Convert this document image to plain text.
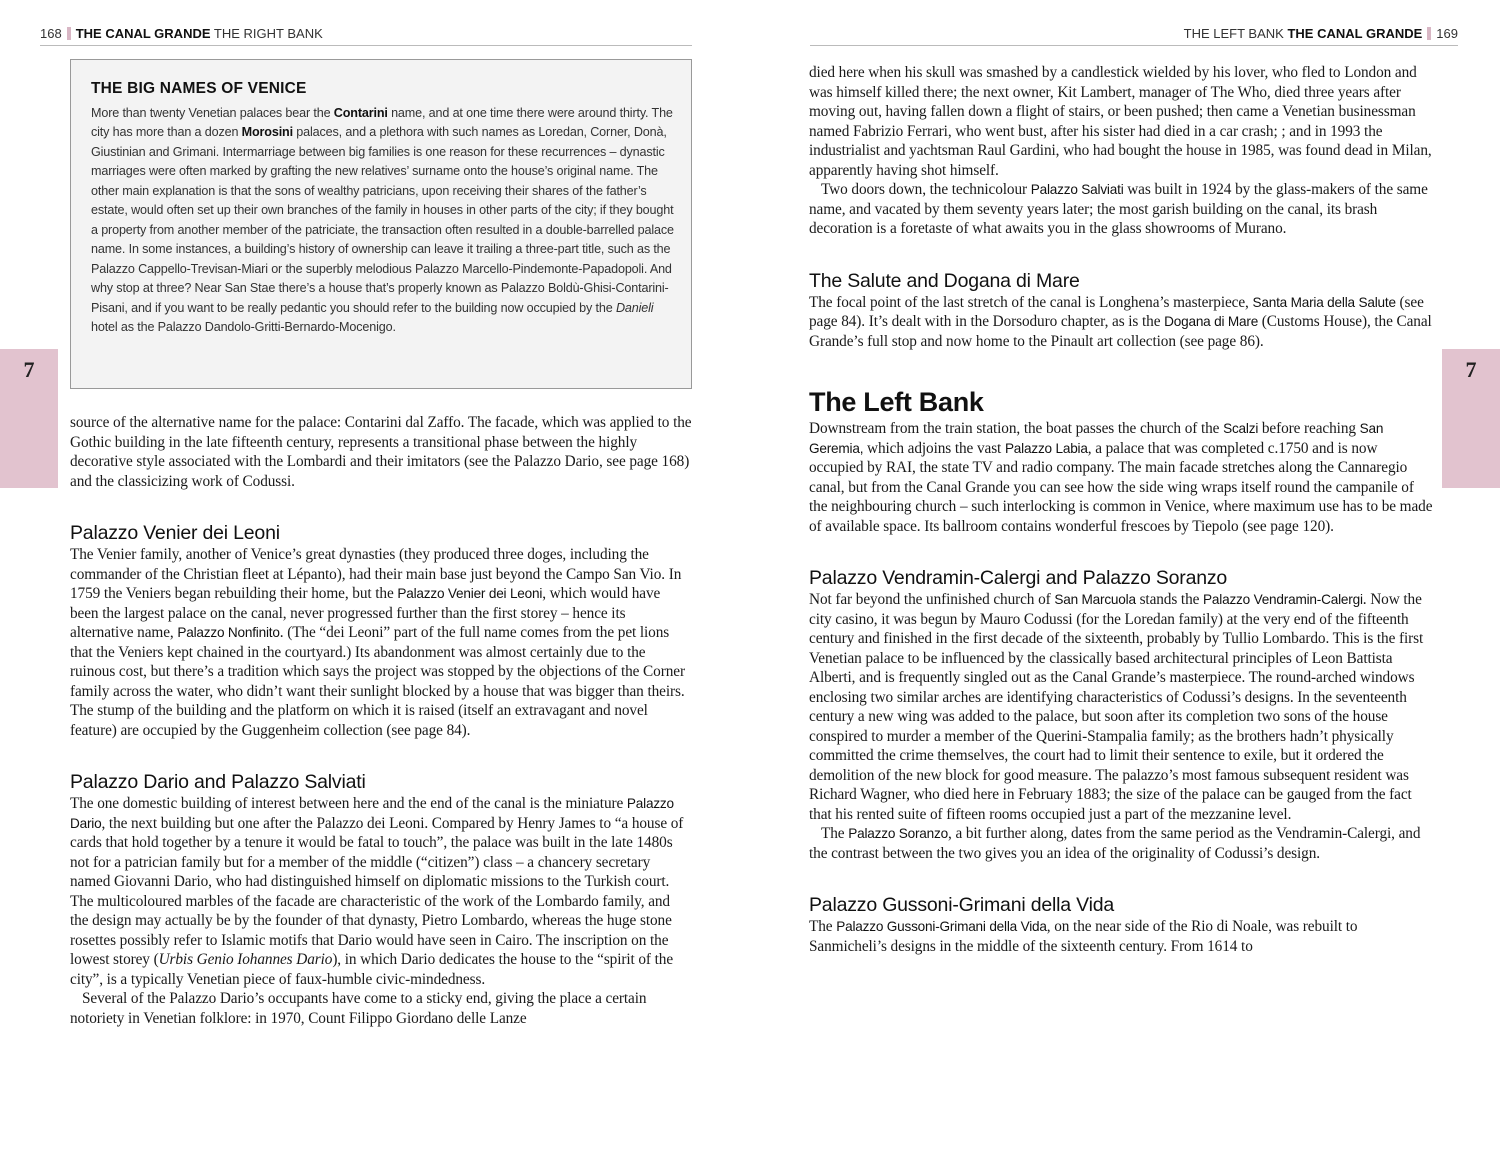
168 THE CANAL GRANDE THE RIGHT BANK	THE LEFT BANK THE CANAL GRANDE 169
7	7
THE BIG NAMES OF VENICE

More than twenty Venetian palaces bear the Contarini name, and at one time there were around thirty. The city has more than a dozen Morosini palaces, and a plethora with such names as Loredan, Corner, Donà, Giustinian and Grimani. Intermarriage between big families is one reason for these recurrences – dynastic marriages were often marked by grafting the new relatives’ surname onto the house’s original name. The other main explanation is that the sons of wealthy patricians, upon receiving their shares of the father’s estate, would often set up their own branches of the family in houses in other parts of the city; if they bought a property from another member of the patriciate, the transaction often resulted in a double-barrelled palace name. In some instances, a building’s history of ownership can leave it trailing a three-part title, such as the Palazzo Cappello-Trevisan-Miari or the superbly melodious Palazzo Marcello-Pindemonte-Papadopoli. And why stop at three? Near San Stae there’s a house that’s properly known as Palazzo Boldù-Ghisi-Contarini-Pisani, and if you want to be really pedantic you should refer to the building now occupied by the Danieli hotel as the Palazzo Dandolo-Gritti-Bernardo-Mocenigo.

source of the alternative name for the palace: Contarini dal Zaffo. The facade, which was applied to the Gothic building in the late fifteenth century, represents a transitional phase between the highly decorative style associated with the Lombardi and their imitators (see the Palazzo Dario, see page 168) and the classicizing work of Codussi.

Palazzo Venier dei Leoni

The Venier family, another of Venice’s great dynasties (they produced three doges, including the commander of the Christian fleet at Lépanto), had their main base just beyond the Campo San Vio. In 1759 the Veniers began rebuilding their home, but the Palazzo Venier dei Leoni, which would have been the largest palace on the canal, never progressed further than the first storey – hence its alternative name, Palazzo Nonfinito. (The “dei Leoni” part of the full name comes from the pet lions that the Veniers kept chained in the courtyard.) Its abandonment was almost certainly due to the ruinous cost, but there’s a tradition which says the project was stopped by the objections of the Corner family across the water, who didn’t want their sunlight blocked by a house that was bigger than theirs. The stump of the building and the platform on which it is raised (itself an extravagant and novel feature) are occupied by the Guggenheim collection (see page 84).

Palazzo Dario and Palazzo Salviati

The one domestic building of interest between here and the end of the canal is the miniature Palazzo Dario, the next building but one after the Palazzo dei Leoni. Compared by Henry James to “a house of cards that hold together by a tenure it would be fatal to touch”, the palace was built in the late 1480s not for a patrician family but for a member of the middle (“citizen”) class – a chancery secretary named Giovanni Dario, who had distinguished himself on diplomatic missions to the Turkish court. The multicoloured marbles of the facade are characteristic of the work of the Lombardo family, and the design may actually be by the founder of that dynasty, Pietro Lombardo, whereas the huge stone rosettes possibly refer to Islamic motifs that Dario would have seen in Cairo. The inscription on the lowest storey (Urbis Genio Iohannes Dario), in which Dario dedicates the house to the “spirit of the city”, is a typically Venetian piece of faux-humble civic-mindedness.

Several of the Palazzo Dario’s occupants have come to a sticky end, giving the place a certain notoriety in Venetian folklore: in 1970, Count Filippo Giordano delle Lanze

died here when his skull was smashed by a candlestick wielded by his lover, who fled to London and was himself killed there; the next owner, Kit Lambert, manager of The Who, died three years after moving out, having fallen down a flight of stairs, or been pushed; then came a Venetian businessman named Fabrizio Ferrari, who went bust, after his sister had died in a car crash; ; and in 1993 the industrialist and yachtsman Raul Gardini, who had bought the house in 1985, was found dead in Milan, apparently having shot himself.

Two doors down, the technicolour Palazzo Salviati was built in 1924 by the glass-makers of the same name, and vacated by them seventy years later; the most garish building on the canal, its brash decoration is a foretaste of what awaits you in the glass showrooms of Murano.

The Salute and Dogana di Mare

The focal point of the last stretch of the canal is Longhena’s masterpiece, Santa Maria della Salute (see page 84). It’s dealt with in the Dorsoduro chapter, as is the Dogana di Mare (Customs House), the Canal Grande’s full stop and now home to the Pinault art collection (see page 86).

The Left Bank

Downstream from the train station, the boat passes the church of the Scalzi before reaching San Geremia, which adjoins the vast Palazzo Labia, a palace that was completed c.1750 and is now occupied by RAI, the state TV and radio company. The main facade stretches along the Cannaregio canal, but from the Canal Grande you can see how the side wing wraps itself round the campanile of the neighbouring church – such interlocking is common in Venice, where maximum use has to be made of available space. Its ballroom contains wonderful frescoes by Tiepolo (see page 120).

Palazzo Vendramin-Calergi and Palazzo Soranzo

Not far beyond the unfinished church of San Marcuola stands the Palazzo Vendramin-Calergi. Now the city casino, it was begun by Mauro Codussi (for the Loredan family) at the very end of the fifteenth century and finished in the first decade of the sixteenth, probably by Tullio Lombardo. This is the first Venetian palace to be influenced by the classically based architectural principles of Leon Battista Alberti, and is frequently singled out as the Canal Grande’s masterpiece. The round-arched windows enclosing two similar arches are identifying characteristics of Codussi’s designs. In the seventeenth century a new wing was added to the palace, but soon after its completion two sons of the house conspired to murder a member of the Querini-Stampalia family; as the brothers hadn’t physically committed the crime themselves, the court had to limit their sentence to exile, but it ordered the demolition of the new block for good measure. The palazzo’s most famous subsequent resident was Richard Wagner, who died here in February 1883; the size of the palace can be gauged from the fact that his rented suite of fifteen rooms occupied just a part of the mezzanine level.

The Palazzo Soranzo, a bit further along, dates from the same period as the Vendramin-Calergi, and the contrast between the two gives you an idea of the originality of Codussi’s design.

Palazzo Gussoni-Grimani della Vida

The Palazzo Gussoni-Grimani della Vida, on the near side of the Rio di Noale, was rebuilt to Sanmicheli’s designs in the middle of the sixteenth century. From 1614 to
